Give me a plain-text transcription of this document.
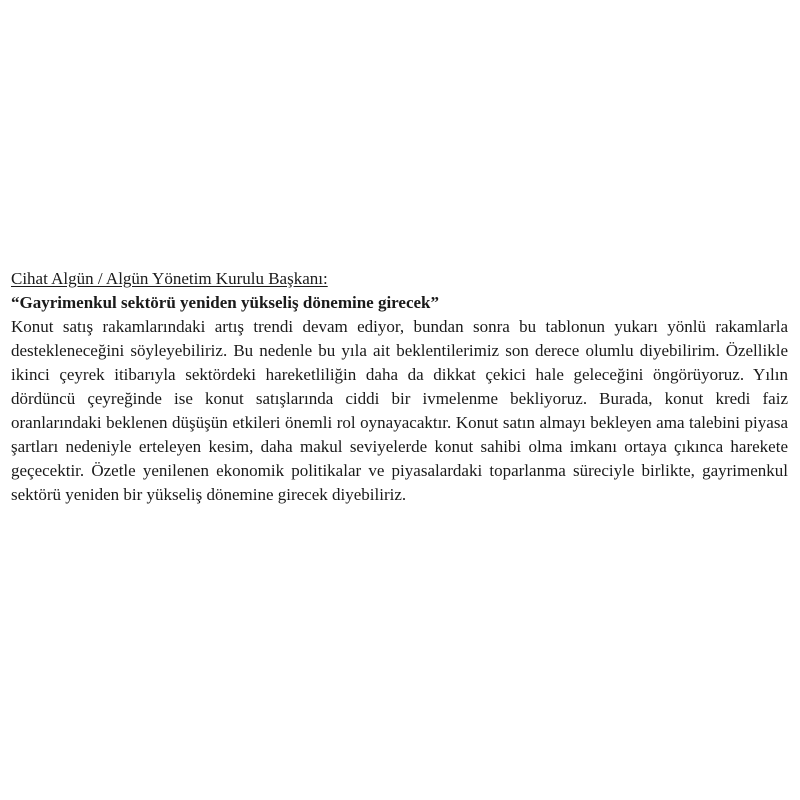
Cihat Algün / Algün Yönetim Kurulu Başkanı:

“Gayrimenkul sektörü yeniden yükseliş dönemine girecek”

Konut satış rakamlarındaki artış trendi devam ediyor, bundan sonra bu tablonun yukarı yönlü rakamlarla destekleneceğini söyleyebiliriz. Bu nedenle bu yıla ait beklentilerimiz son derece olumlu diyebilirim. Özellikle ikinci çeyrek itibarıyla sektördeki hareketliliğin daha da dikkat çekici hale geleceğini öngörüyoruz. Yılın dördüncü çeyreğinde ise konut satışlarında ciddi bir ivmelenme bekliyoruz. Burada, konut kredi faiz oranlarındaki beklenen düşüşün etkileri önemli rol oynayacaktır. Konut satın almayı bekleyen ama talebini piyasa şartları nedeniyle erteleyen kesim, daha makul seviyelerde konut sahibi olma imkanı ortaya çıkınca harekete geçecektir. Özetle yenilenen ekonomik politikalar ve piyasalardaki toparlanma süreciyle birlikte, gayrimenkul sektörü yeniden bir yükseliş dönemine girecek diyebiliriz.
